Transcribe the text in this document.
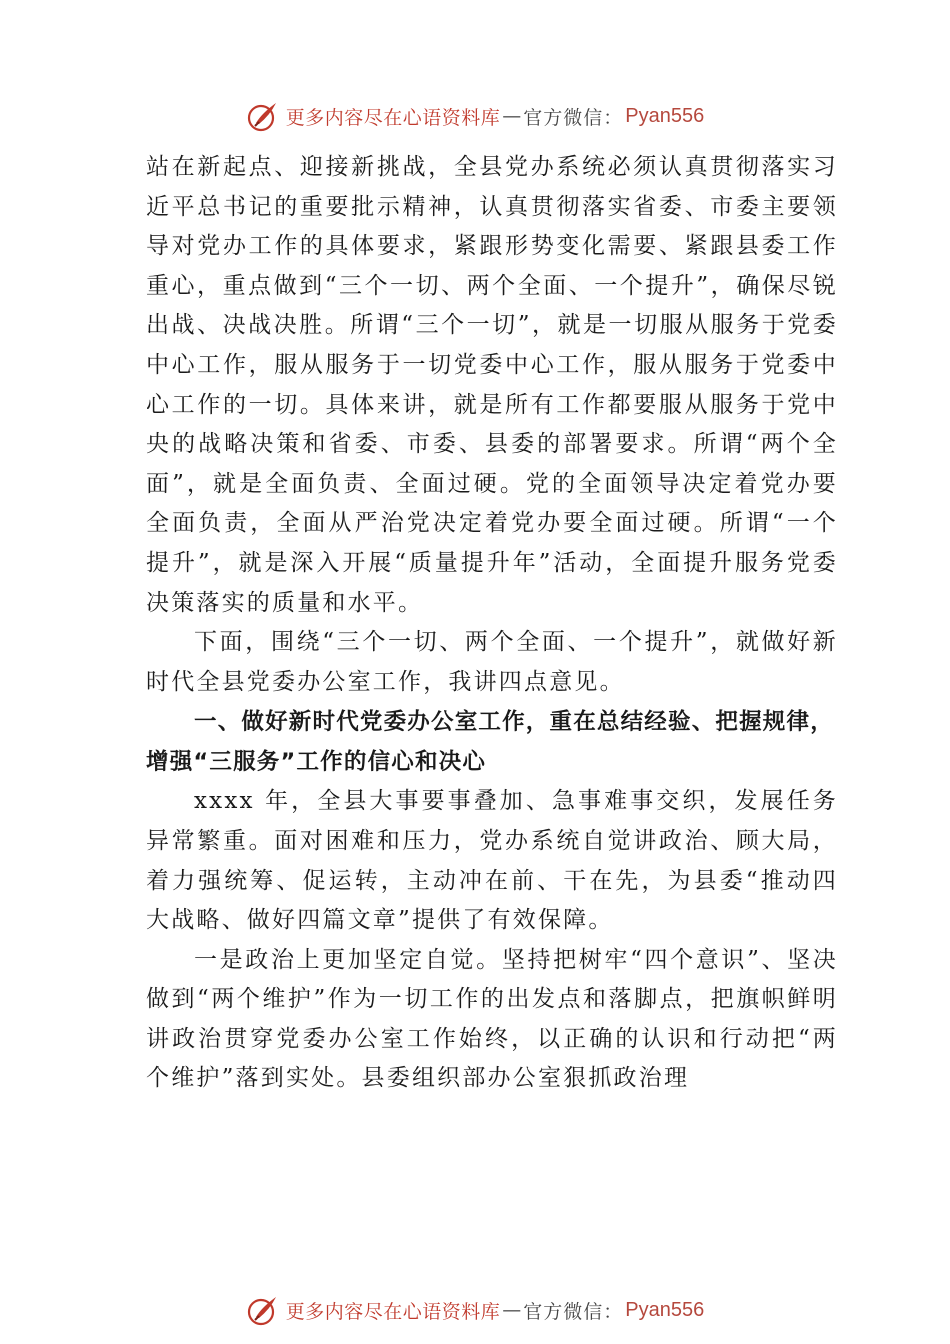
更多内容尽在心语资料库 — 官方微信： Pyan556

站在新起点、迎接新挑战，全县党办系统必须认真贯彻落实习近平总书记的重要批示精神，认真贯彻落实省委、市委主要领导对党办工作的具体要求，紧跟形势变化需要、紧跟县委工作重心，重点做到“三个一切、两个全面、一个提升”，确保尽锐出战、决战决胜。所谓“三个一切”，就是一切服从服务于党委中心工作，服从服务于一切党委中心工作，服从服务于党委中心工作的一切。具体来讲，就是所有工作都要服从服务于党中央的战略决策和省委、市委、县委的部署要求。所谓“两个全面”，就是全面负责、全面过硬。党的全面领导决定着党办要全面负责，全面从严治党决定着党办要全面过硬。所谓“一个提升”，就是深入开展“质量提升年”活动，全面提升服务党委决策落实的质量和水平。

下面，围绕“三个一切、两个全面、一个提升”，就做好新时代全县党委办公室工作，我讲四点意见。

一、做好新时代党委办公室工作，重在总结经验、把握规律，增强“三服务”工作的信心和决心

xxxx 年，全县大事要事叠加、急事难事交织，发展任务异常繁重。面对困难和压力，党办系统自觉讲政治、顾大局，着力强统筹、促运转，主动冲在前、干在先，为县委“推动四大战略、做好四篇文章”提供了有效保障。

一是政治上更加坚定自觉。坚持把树牢“四个意识”、坚决做到“两个维护”作为一切工作的出发点和落脚点，把旗帜鲜明讲政治贯穿党委办公室工作始终，以正确的认识和行动把“两个维护”落到实处。县委组织部办公室狠抓政治理

更多内容尽在心语资料库 — 官方微信： Pyan556
